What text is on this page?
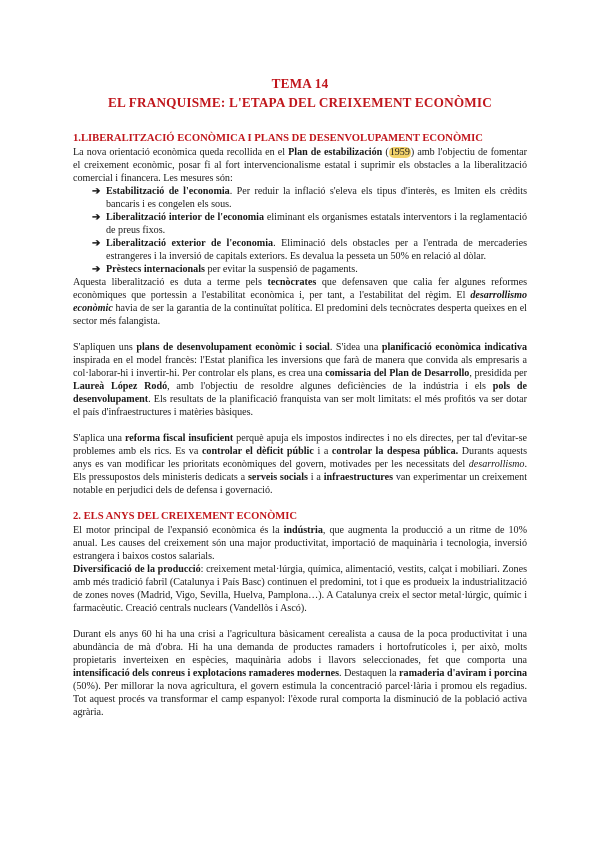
TEMA 14
EL FRANQUISME: L'ETAPA DEL CREIXEMENT ECONÒMIC
1.LIBERALITZACIÓ ECONÒMICA I PLANS DE DESENVOLUPAMENT ECONÒMIC

La nova orientació econòmica queda recollida en el Plan de estabilización (1959) amb l'objectiu de fomentar el creixement econòmic, posar fi al fort intervencionalisme estatal i suprimir els obstacles a la liberalització comercial i financera. Les mesures són:

➔ Estabilització de l'economia. Per reduir la inflació s'eleva els tipus d'interès, es lmiten els crèdits bancaris i es congelen els sous.
➔ Liberalització interior de l'economia eliminant els organismes estatals interventors i la reglamentació de preus fixos.
➔ Liberalització exterior de l'economia. Eliminació dels obstacles per a l'entrada de mercaderies estrangeres i la inversió de capitals exteriors. Es devalua la pesseta un 50% en relació al dòlar.
➔ Prèstecs internacionals per evitar la suspensió de pagaments.

Aquesta liberalització es duta a terme pels tecnòcrates que defensaven que calia fer algunes reformes econòmiques que portessin a l'estabilitat econòmica i, per tant, a l'estabilitat del règim. El desarrollismo econòmic havia de ser la garantia de la continuïtat política. El predomini dels tecnòcrates desperta queixes en el sector més falangista.

S'apliquen uns plans de desenvolupament econòmic i social. S'idea una planificació econòmica indicativa inspirada en el model francès: l'Estat planifica les inversions que farà de manera que convida als empresaris a col·laborar-hi i invertir-hi. Per controlar els plans, es crea una comissaria del Plan de Desarrollo, presidida per Laureà López Rodó, amb l'objectiu de resoldre algunes deficiències de la indústria i els pols de desenvolupament. Els resultats de la planificació franquista van ser molt limitats: el més profitós va ser dotar el país d'infraestructures i matèries bàsiques.

S'aplica una reforma fiscal insuficient perquè apuja els impostos indirectes i no els directes, per tal d'evitar-se problemes amb els rics. Es va controlar el dèficit públic i a controlar la despesa pública. Durants aquests anys es van modificar les prioritats econòmiques del govern, motivades per les necessitats del desarrollismo. Els pressupostos dels ministeris dedicats a serveis socials i a infraestructures van experimentar un creixement notable en perjudici dels de defensa i governació.

2. ELS ANYS DEL CREIXEMENT ECONÒMIC

El motor principal de l'expansió econòmica és la indústria, que augmenta la producció a un ritme de 10% anual. Les causes del creixement són una major productivitat, importació de maquinària i tecnologia, inversió estrangera i baixos costos salarials.

Diversificació de la producció: creixement metal·lúrgia, química, alimentació, vestits, calçat i mobiliari. Zones amb més tradició fabril (Catalunya i País Basc) continuen el predomini, tot i que es produeix la industrialització de zones noves (Madrid, Vigo, Sevilla, Huelva, Pamplona…). A Catalunya creix el sector metal·lúrgic, químic i farmacèutic. Creació centrals nuclears (Vandellòs i Ascó).

Durant els anys 60 hi ha una crisi a l'agricultura bàsicament cerealista a causa de la poca productivitat i una abundància de mà d'obra. Hi ha una demanda de productes ramaders i hortofrutícoles i, per això, molts propietaris inverteixen en espècies, maquinària adobs i llavors seleccionades, fet que comporta una intensificació dels conreus i explotacions ramaderes modernes. Destaquen la ramaderia d'aviram i porcina (50%). Per millorar la nova agricultura, el govern estimula la concentració parcel·lària i promou els regadius. Tot aquest procés va transformar el camp espanyol: l'èxode rural comporta la disminució de la població activa agrària.
